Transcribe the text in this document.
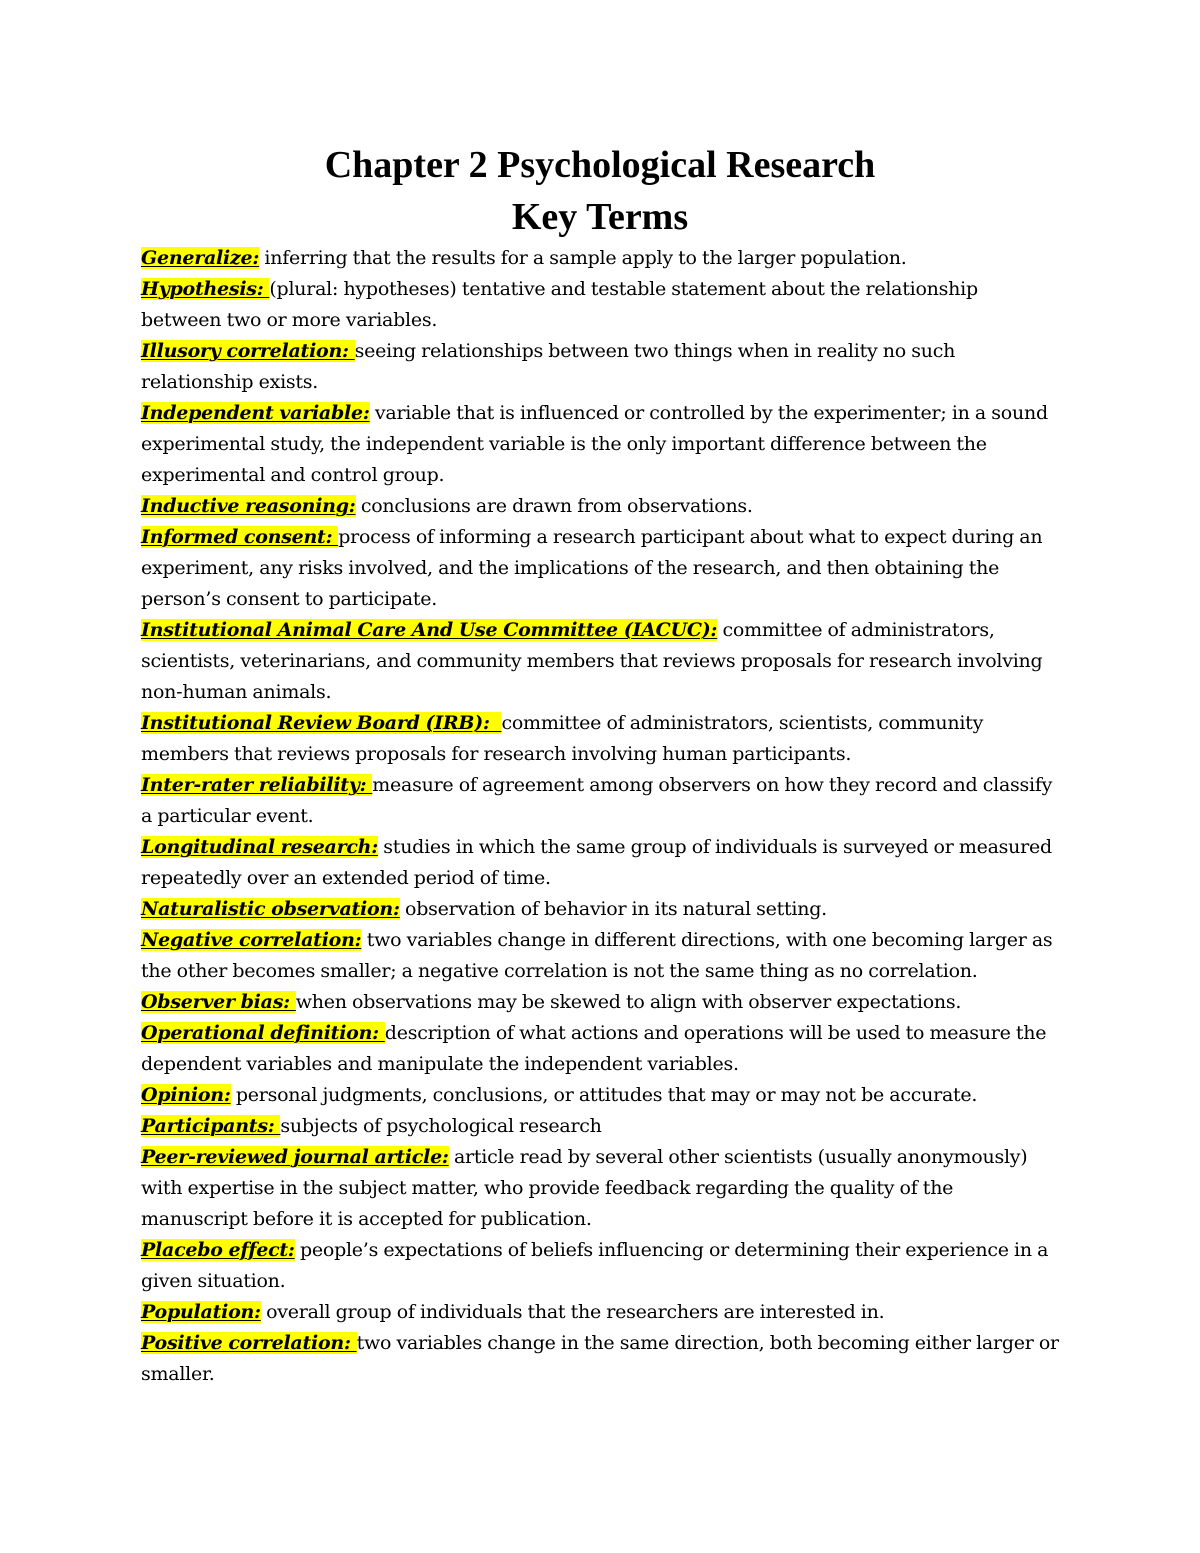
Chapter 2 Psychological Research
Key Terms
Generalize: inferring that the results for a sample apply to the larger population.
Hypothesis: (plural: hypotheses) tentative and testable statement about the relationship between two or more variables.
Illusory correlation: seeing relationships between two things when in reality no such relationship exists.
Independent variable: variable that is influenced or controlled by the experimenter; in a sound experimental study, the independent variable is the only important difference between the experimental and control group.
Inductive reasoning: conclusions are drawn from observations.
Informed consent: process of informing a research participant about what to expect during an experiment, any risks involved, and the implications of the research, and then obtaining the person’s consent to participate.
Institutional Animal Care And Use Committee (IACUC): committee of administrators, scientists, veterinarians, and community members that reviews proposals for research involving non-human animals.
Institutional Review Board (IRB):  committee of administrators, scientists, community members that reviews proposals for research involving human participants.
Inter-rater reliability: measure of agreement among observers on how they record and classify a particular event.
Longitudinal research: studies in which the same group of individuals is surveyed or measured repeatedly over an extended period of time.
Naturalistic observation: observation of behavior in its natural setting.
Negative correlation: two variables change in different directions, with one becoming larger as the other becomes smaller; a negative correlation is not the same thing as no correlation.
Observer bias: when observations may be skewed to align with observer expectations.
Operational definition: description of what actions and operations will be used to measure the dependent variables and manipulate the independent variables.
Opinion: personal judgments, conclusions, or attitudes that may or may not be accurate.
Participants: subjects of psychological research
Peer-reviewed journal article: article read by several other scientists (usually anonymously) with expertise in the subject matter, who provide feedback regarding the quality of the manuscript before it is accepted for publication.
Placebo effect: people’s expectations of beliefs influencing or determining their experience in a given situation.
Population: overall group of individuals that the researchers are interested in.
Positive correlation: two variables change in the same direction, both becoming either larger or smaller.
